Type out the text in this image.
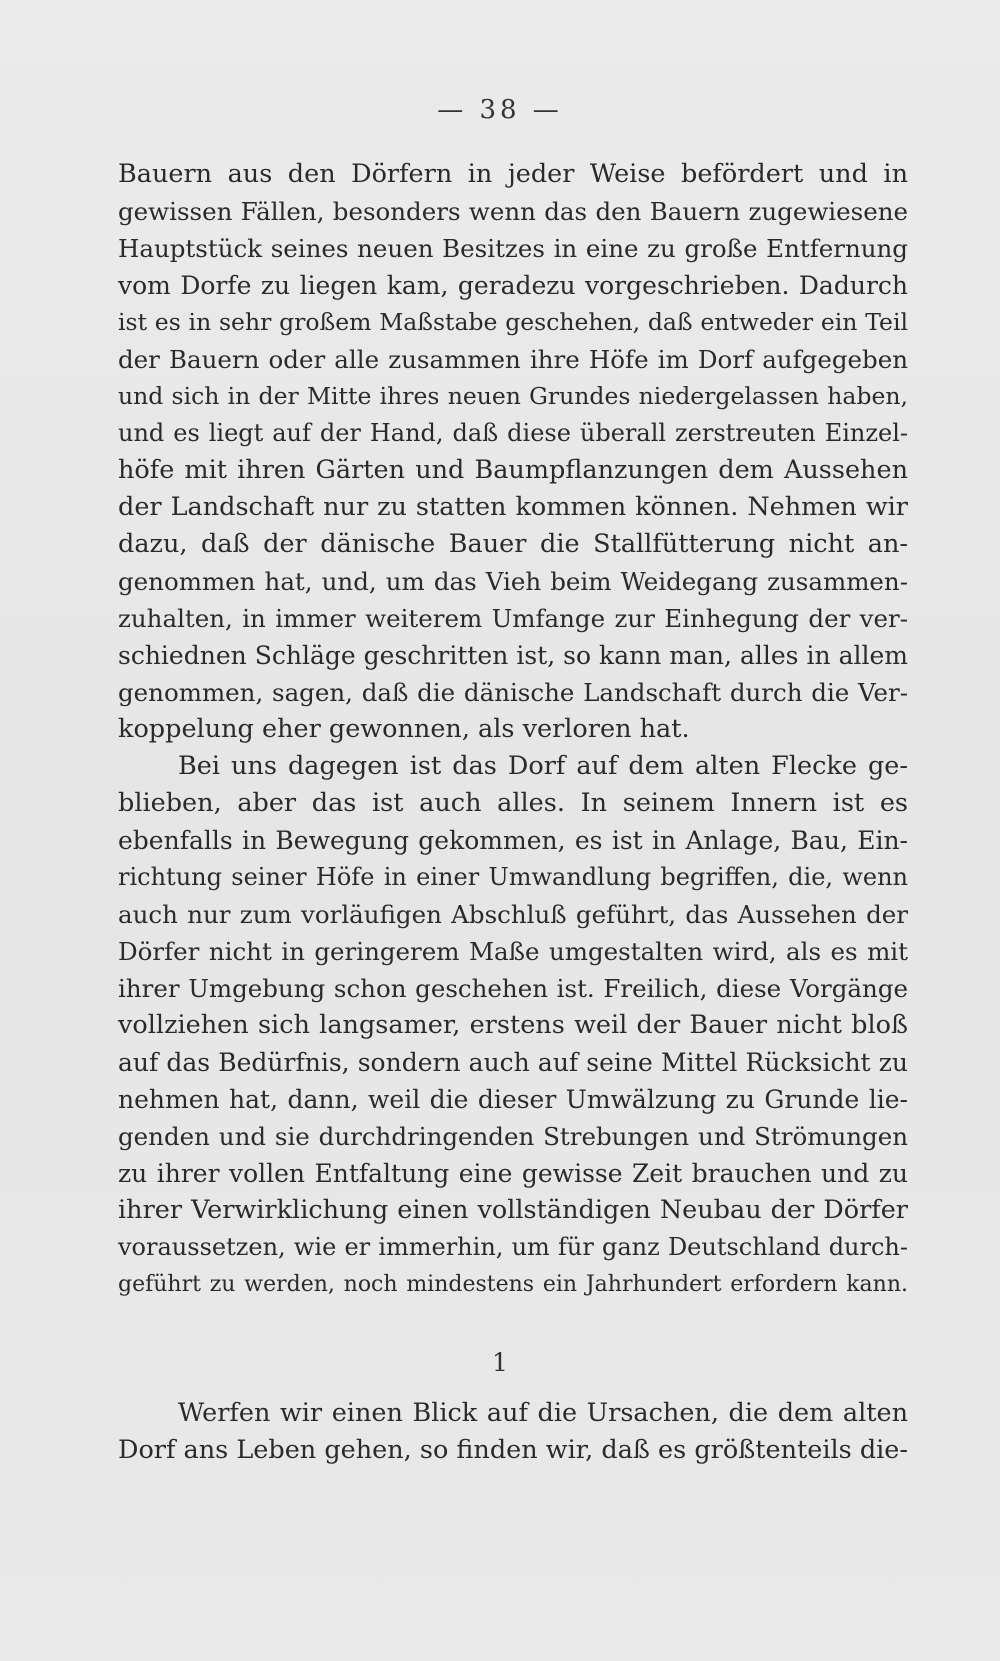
— 38 —
Bauern aus den Dörfern in jeder Weise befördert und in
gewissen Fällen, besonders wenn das den Bauern zugewiesene
Hauptstück seines neuen Besitzes in eine zu große Entfernung
vom Dorfe zu liegen kam, geradezu vorgeschrieben. Dadurch
ist es in sehr großem Maßstabe geschehen, daß entweder ein Teil
der Bauern oder alle zusammen ihre Höfe im Dorf aufgegeben
und sich in der Mitte ihres neuen Grundes niedergelassen haben,
und es liegt auf der Hand, daß diese überall zerstreuten Einzel-
höfe mit ihren Gärten und Baumpflanzungen dem Aussehen
der Landschaft nur zu statten kommen können. Nehmen wir
dazu, daß der dänische Bauer die Stallfütterung nicht an-
genommen hat, und, um das Vieh beim Weidegang zusammen-
zuhalten, in immer weiterem Umfange zur Einhegung der ver-
schiednen Schläge geschritten ist, so kann man, alles in allem
genommen, sagen, daß die dänische Landschaft durch die Ver-
koppelung eher gewonnen, als verloren hat.
Bei uns dagegen ist das Dorf auf dem alten Flecke ge-
blieben, aber das ist auch alles. In seinem Innern ist es
ebenfalls in Bewegung gekommen, es ist in Anlage, Bau, Ein-
richtung seiner Höfe in einer Umwandlung begriffen, die, wenn
auch nur zum vorläufigen Abschluß geführt, das Aussehen der
Dörfer nicht in geringerem Maße umgestalten wird, als es mit
ihrer Umgebung schon geschehen ist. Freilich, diese Vorgänge
vollziehen sich langsamer, erstens weil der Bauer nicht bloß
auf das Bedürfnis, sondern auch auf seine Mittel Rücksicht zu
nehmen hat, dann, weil die dieser Umwälzung zu Grunde lie-
genden und sie durchdringenden Strebungen und Strömungen
zu ihrer vollen Entfaltung eine gewisse Zeit brauchen und zu
ihrer Verwirklichung einen vollständigen Neubau der Dörfer
voraussetzen, wie er immerhin, um für ganz Deutschland durch-
geführt zu werden, noch mindestens ein Jahrhundert erfordern kann.
1
Werfen wir einen Blick auf die Ursachen, die dem alten
Dorf ans Leben gehen, so finden wir, daß es größtenteils die-
